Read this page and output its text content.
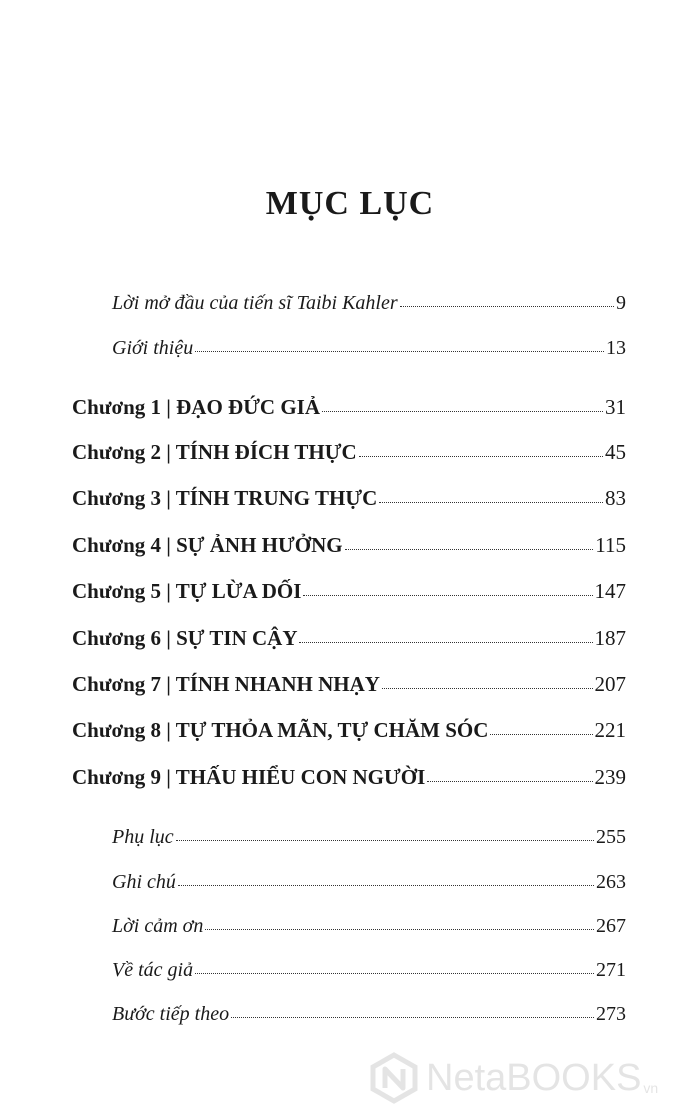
MỤC LỤC
Lời mở đầu của tiến sĩ Taibi Kahler	9
Giới thiệu	13
Chương 1 | ĐẠO ĐỨC GIẢ	31
Chương 2 | TÍNH ĐÍCH THỰC	45
Chương 3 | TÍNH TRUNG THỰC	83
Chương 4 | SỰ ẢNH HƯỞNG	115
Chương 5 | TỰ LỪA DỐI	147
Chương 6 | SỰ TIN CẬY	187
Chương 7 | TÍNH NHANH NHẠY	207
Chương 8 | TỰ THỎA MÃN, TỰ CHĂM SÓC	221
Chương 9 | THẤU HIỂU CON NGƯỜI	239
Phụ lục	255
Ghi chú	263
Lời cảm ơn	267
Về tác giả	271
Bước tiếp theo	273
NetaBOOKS vn
